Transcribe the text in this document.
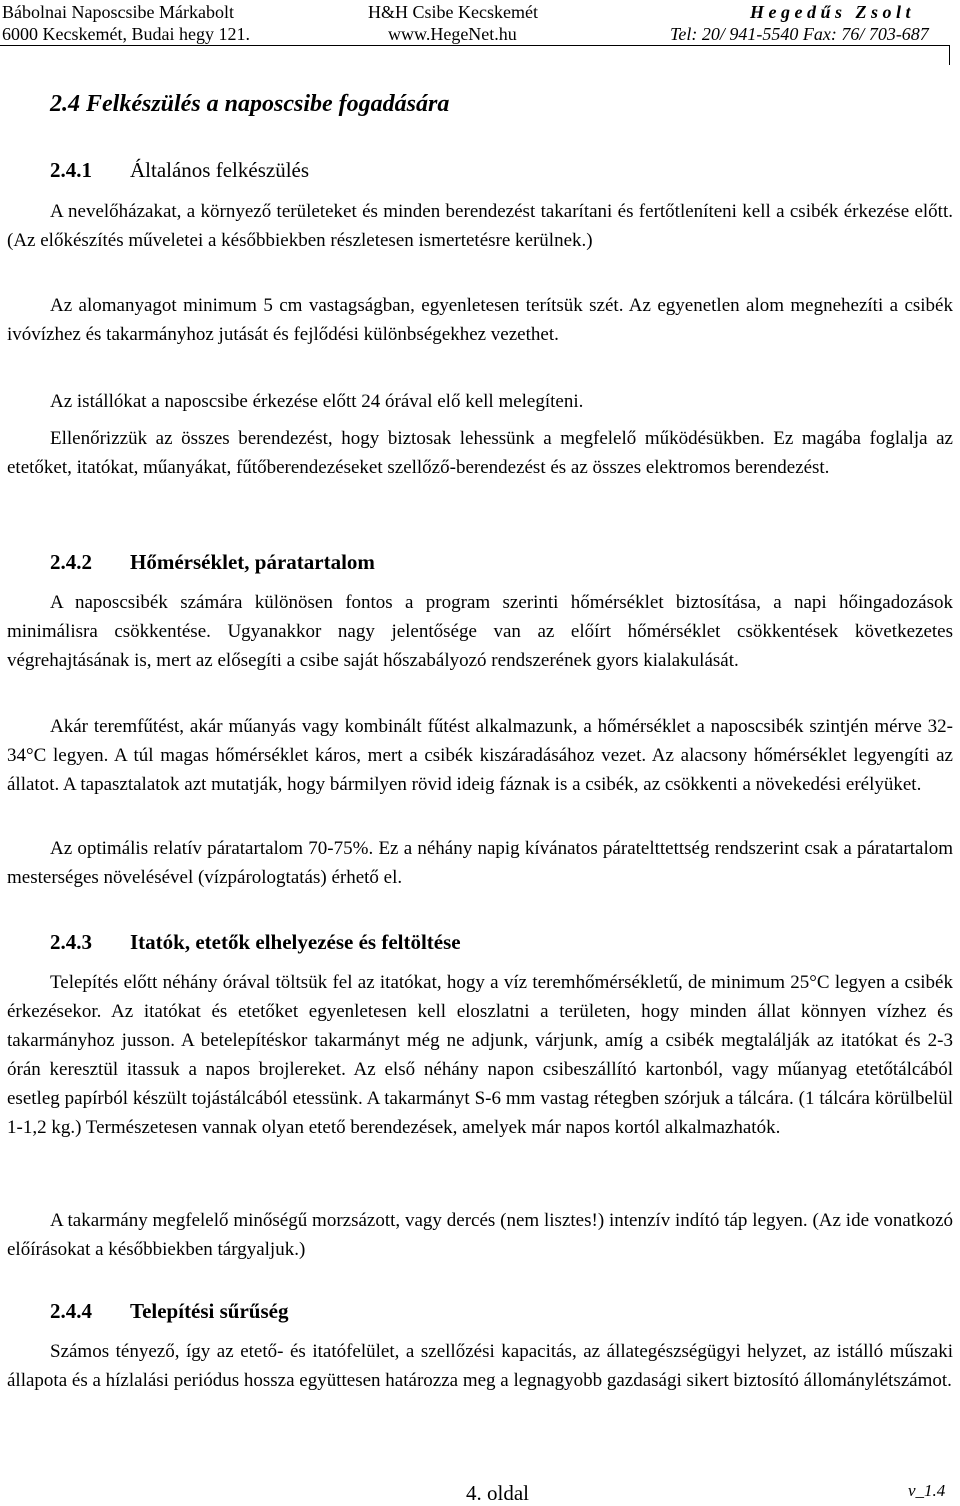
Bábolnai Naposcsibe Márkabolt
6000 Kecskemét, Budai hegy 121.
H&H Csibe Kecskemét
www.HegeNet.hu
H e g e d ű s   Z s o l t
Tel: 20/ 941-5540 Fax: 76/ 703-687
2.4 Felkészülés a naposcsibe fogadására
2.4.1 Általános felkészülés

A nevelőházakat, a környező területeket és minden berendezést takarítani és fertőtleníteni kell a csibék érkezése előtt. (Az előkészítés műveletei a későbbiekben részletesen ismertetésre kerülnek.)

Az alomanyagot minimum 5 cm vastagságban, egyenletesen terítsük szét. Az egyenetlen alom megnehezíti a csibék ivóvízhez és takarmányhoz jutását és fejlődési különbségekhez vezethet.

Az istállókat a naposcsibe érkezése előtt 24 órával elő kell melegíteni.

Ellenőrizzük az összes berendezést, hogy biztosak lehessünk a megfelelő működésükben. Ez magába foglalja az etetőket, itatókat, műanyákat, fűtőberendezéseket szellőző-berendezést és az összes elektromos berendezést.

2.4.2 Hőmérséklet, páratartalom

A naposcsibék számára különösen fontos a program szerinti hőmérséklet biztosítása, a napi hőingadozások minimálisra csökkentése. Ugyanakkor nagy jelentősége van az előírt hőmérséklet csökkentések következetes végrehajtásának is, mert az elősegíti a csibe saját hőszabályozó rendszerének gyors kialakulását.

Akár teremfűtést, akár műanyás vagy kombinált fűtést alkalmazunk, a hőmérséklet a naposcsibék szintjén mérve 32-34°C legyen. A túl magas hőmérséklet káros, mert a csibék kiszáradásához vezet. Az alacsony hőmérséklet legyengíti az állatot. A tapasztalatok azt mutatják, hogy bármilyen rövid ideig fáznak is a csibék, az csökkenti a növekedési erélyüket.

Az optimális relatív páratartalom 70-75%. Ez a néhány napig kívánatos páratelttettség rendszerint csak a páratartalom mesterséges növelésével (vízpárologtatás) érhető el.

2.4.3 Itatók, etetők elhelyezése és feltöltése

Telepítés előtt néhány órával töltsük fel az itatókat, hogy a víz teremhőmérsékletű, de minimum 25°C legyen a csibék érkezésekor. Az itatókat és etetőket egyenletesen kell eloszlatni a területen, hogy minden állat könnyen vízhez és takarmányhoz jusson. A betelepítéskor takarmányt még ne adjunk, várjunk, amíg a csibék megtalálják az itatókat és 2-3 órán keresztül itassuk a napos brojlereket. Az első néhány napon csibeszállító kartonból, vagy műanyag etetőtálcából esetleg papírból készült tojástálcából etessünk. A takarmányt S-6 mm vastag rétegben szórjuk a tálcára. (1 tálcára körülbelül 1-1,2 kg.) Természetesen vannak olyan etető berendezések, amelyek már napos kortól alkalmazhatók.

A takarmány megfelelő minőségű morzsázott, vagy dercés (nem lisztes!) intenzív indító táp legyen. (Az ide vonatkozó előírásokat a későbbiekben tárgyaljuk.)

2.4.4 Telepítési sűrűség

Számos tényező, így az etető- és itatófelület, a szellőzési kapacitás, az állategészségügyi helyzet, az istálló műszaki állapota és a hízlalási periódus hossza együttesen határozza meg a legnagyobb gazdasági sikert biztosító állománylétszámot.

4. oldal	v_1.4
